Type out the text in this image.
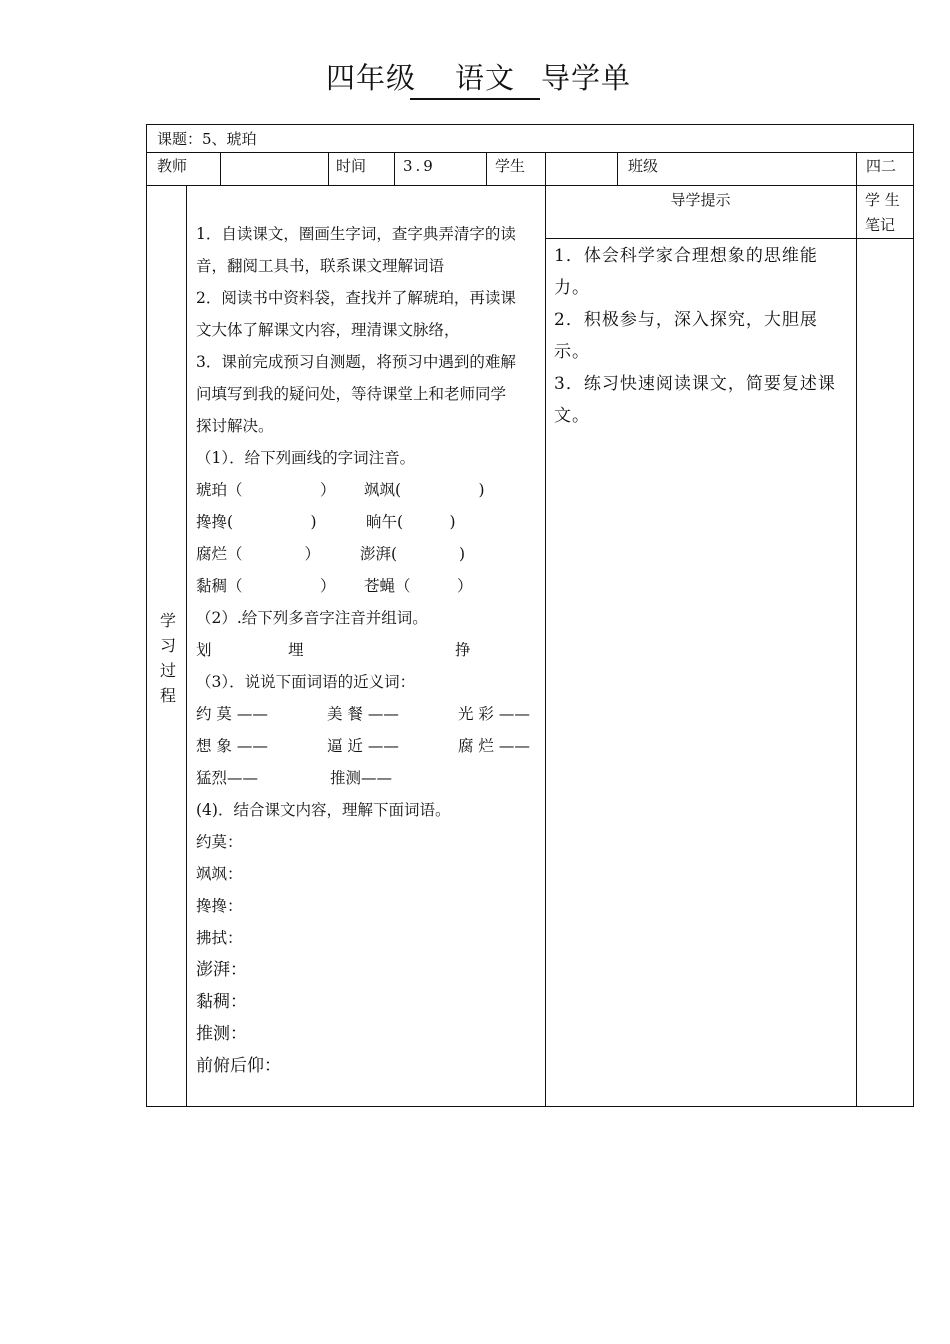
四年级 语文 导学单
课题：5、琥珀
教师	时间 3.9	学生	班级	四二
导学提示	学 生
笔记
学习过程
1．自读课文，圈画生字词，查字典弄清字的读
音，翻阅工具书，联系课文理解词语
2．阅读书中资料袋，查找并了解琥珀，再读课
文大体了解课文内容，理清课文脉络，
3．课前完成预习自测题，将预习中遇到的难解
问填写到我的疑问处，等待课堂上和老师同学
探讨解决。
（1）．给下列画线的字词注音。
琥珀（　　　　　） 飒飒(　　　　　)
搀搀(　　　　　)	晌午(　　　)
腐烂（　　　　）	澎湃(　　　　)
黏稠（　　　　　） 苍蝇（　　　）
（2）.给下列多音字注音并组词。
划	埋	挣
（3）．说说下面词语的近义词：
约 莫 ——	美 餐 ——	光 彩 ——
想 象 ——	逼 近 ——	腐 烂 ——
猛烈——	推测——
(4)．结合课文内容，理解下面词语。
约莫：
飒飒：
搀搀：
拂拭：
澎湃：
黏稠：
推测：
前俯后仰：
1．体会科学家合理想象的思维能力。
2．积极参与，深入探究，大胆展示。
3．练习快速阅读课文，简要复述课文。
